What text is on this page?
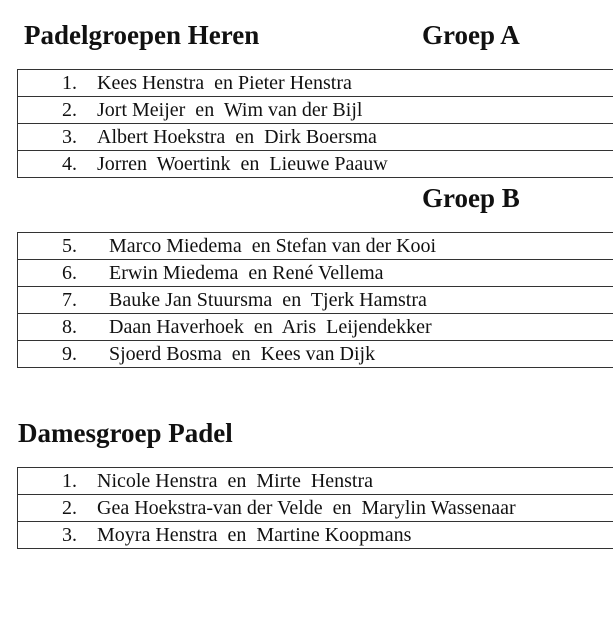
Padelgroepen Heren	Groep A

1.

Kees Henstra  en Pieter Henstra

2.

Jort Meijer  en  Wim van der Bijl

3.

Albert Hoekstra  en  Dirk Boersma

4.

Jorren  Woertink  en  Lieuwe Paauw

Groep B

5.

Marco Miedema  en Stefan van der Kooi

6.

Erwin Miedema  en René Vellema

7.

Bauke Jan Stuursma  en  Tjerk Hamstra

8.

Daan Haverhoek  en  Aris  Leijendekker

9.

Sjoerd Bosma  en  Kees van Dijk

Damesgroep Padel

1.

Nicole Henstra  en  Mirte  Henstra

2.

Gea Hoekstra-van der Velde  en  Marylin Wassenaar

3.

Moyra Henstra  en  Martine Koopmans
